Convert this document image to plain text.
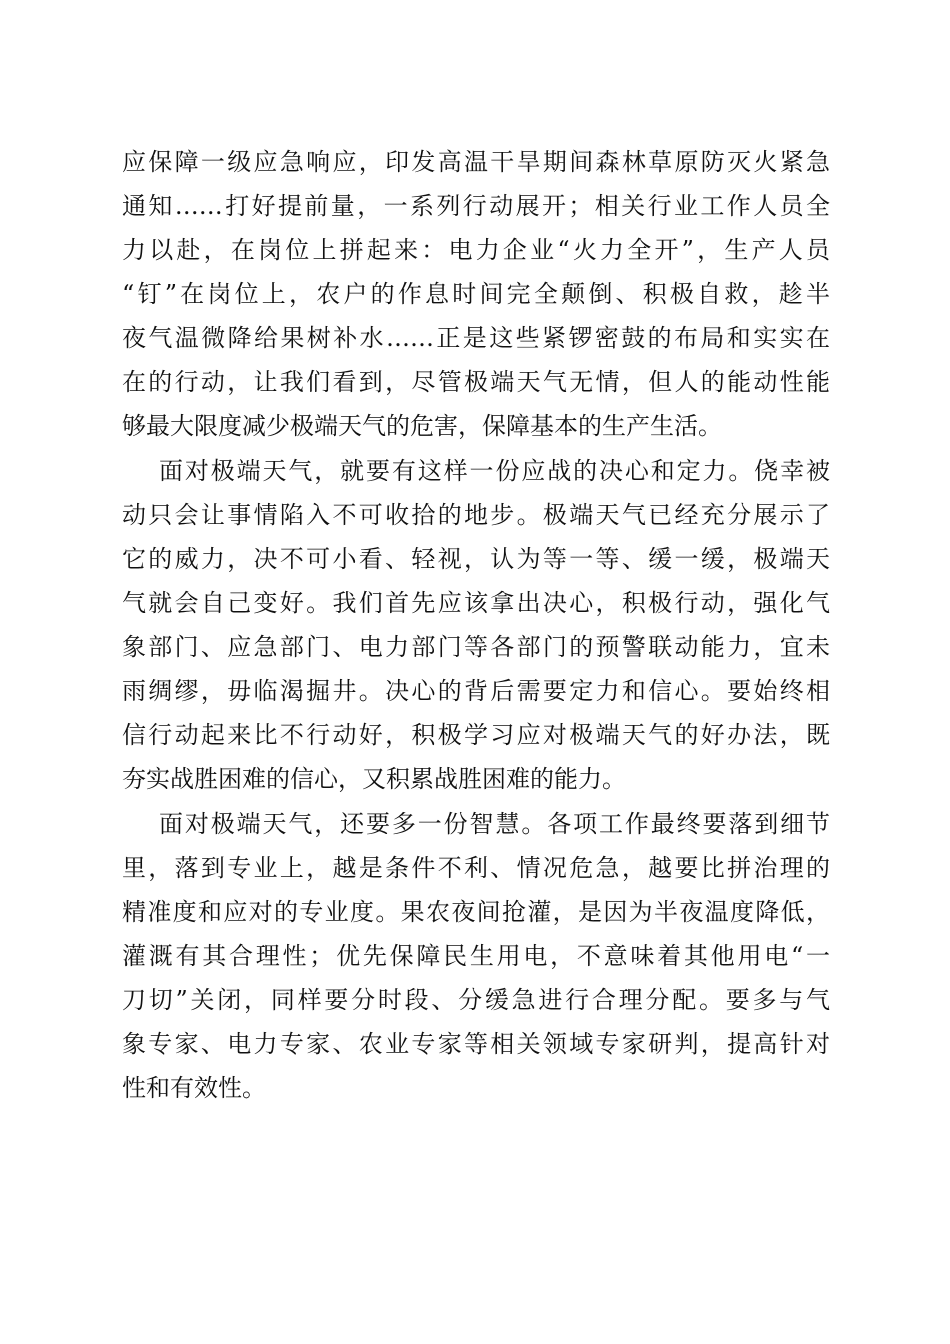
应保障一级应急响应，印发高温干旱期间森林草原防灭火紧急
通知……打好提前量，一系列行动展开；相关行业工作人员全
力以赴，在岗位上拼起来：电力企业“火力全开”，生产人员
“钉”在岗位上，农户的作息时间完全颠倒、积极自救，趁半
夜气温微降给果树补水……正是这些紧锣密鼓的布局和实实在
在的行动，让我们看到，尽管极端天气无情，但人的能动性能
够最大限度减少极端天气的危害，保障基本的生产生活。
面对极端天气，就要有这样一份应战的决心和定力。侥幸被
动只会让事情陷入不可收拾的地步。极端天气已经充分展示了
它的威力，决不可小看、轻视，认为等一等、缓一缓，极端天
气就会自己变好。我们首先应该拿出决心，积极行动，强化气
象部门、应急部门、电力部门等各部门的预警联动能力，宜未
雨绸缪，毋临渴掘井。决心的背后需要定力和信心。要始终相
信行动起来比不行动好，积极学习应对极端天气的好办法，既
夯实战胜困难的信心，又积累战胜困难的能力。
面对极端天气，还要多一份智慧。各项工作最终要落到细节
里，落到专业上，越是条件不利、情况危急，越要比拼治理的
精准度和应对的专业度。果农夜间抢灌，是因为半夜温度降低，
灌溉有其合理性；优先保障民生用电，不意味着其他用电“一
刀切”关闭，同样要分时段、分缓急进行合理分配。要多与气
象专家、电力专家、农业专家等相关领域专家研判，提高针对
性和有效性。
